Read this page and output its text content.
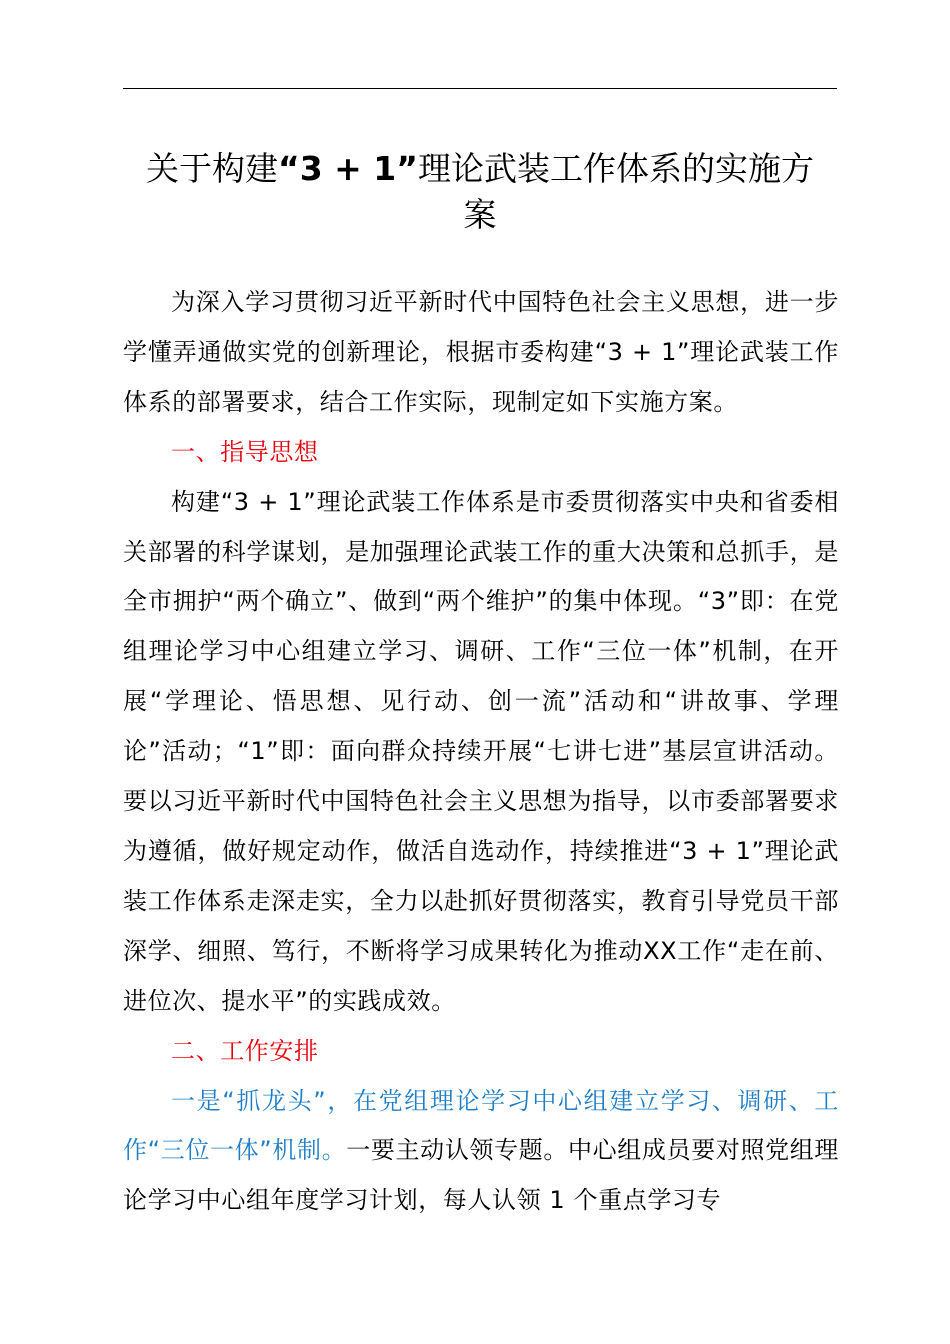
关于构建“3 + 1”理论武装工作体系的实施方
案

为深入学习贯彻习近平新时代中国特色社会主义思想，进一步学懂弄通做实党的创新理论，根据市委构建“3 + 1”理论武装工作体系的部署要求，结合工作实际，现制定如下实施方案。

一、指导思想

构建“3 + 1”理论武装工作体系是市委贯彻落实中央和省委相关部署的科学谋划，是加强理论武装工作的重大决策和总抓手，是全市拥护“两个确立”、做到“两个维护”的集中体现。“3”即：在党组理论学习中心组建立学习、调研、工作“三位一体”机制，在开展“学理论、悟思想、见行动、创一流”活动和“讲故事、学理论”活动；“1”即：面向群众持续开展“七讲七进”基层宣讲活动。要以习近平新时代中国特色社会主义思想为指导，以市委部署要求为遵循，做好规定动作，做活自选动作，持续推进“3 + 1”理论武装工作体系走深走实，全力以赴抓好贯彻落实，教育引导党员干部深学、细照、笃行，不断将学习成果转化为推动XX工作“走在前、进位次、提水平”的实践成效。

二、工作安排

一是“抓龙头”，在党组理论学习中心组建立学习、调研、工作“三位一体”机制。一要主动认领专题。中心组成员要对照党组理论学习中心组年度学习计划，每人认领 1 个重点学习专
